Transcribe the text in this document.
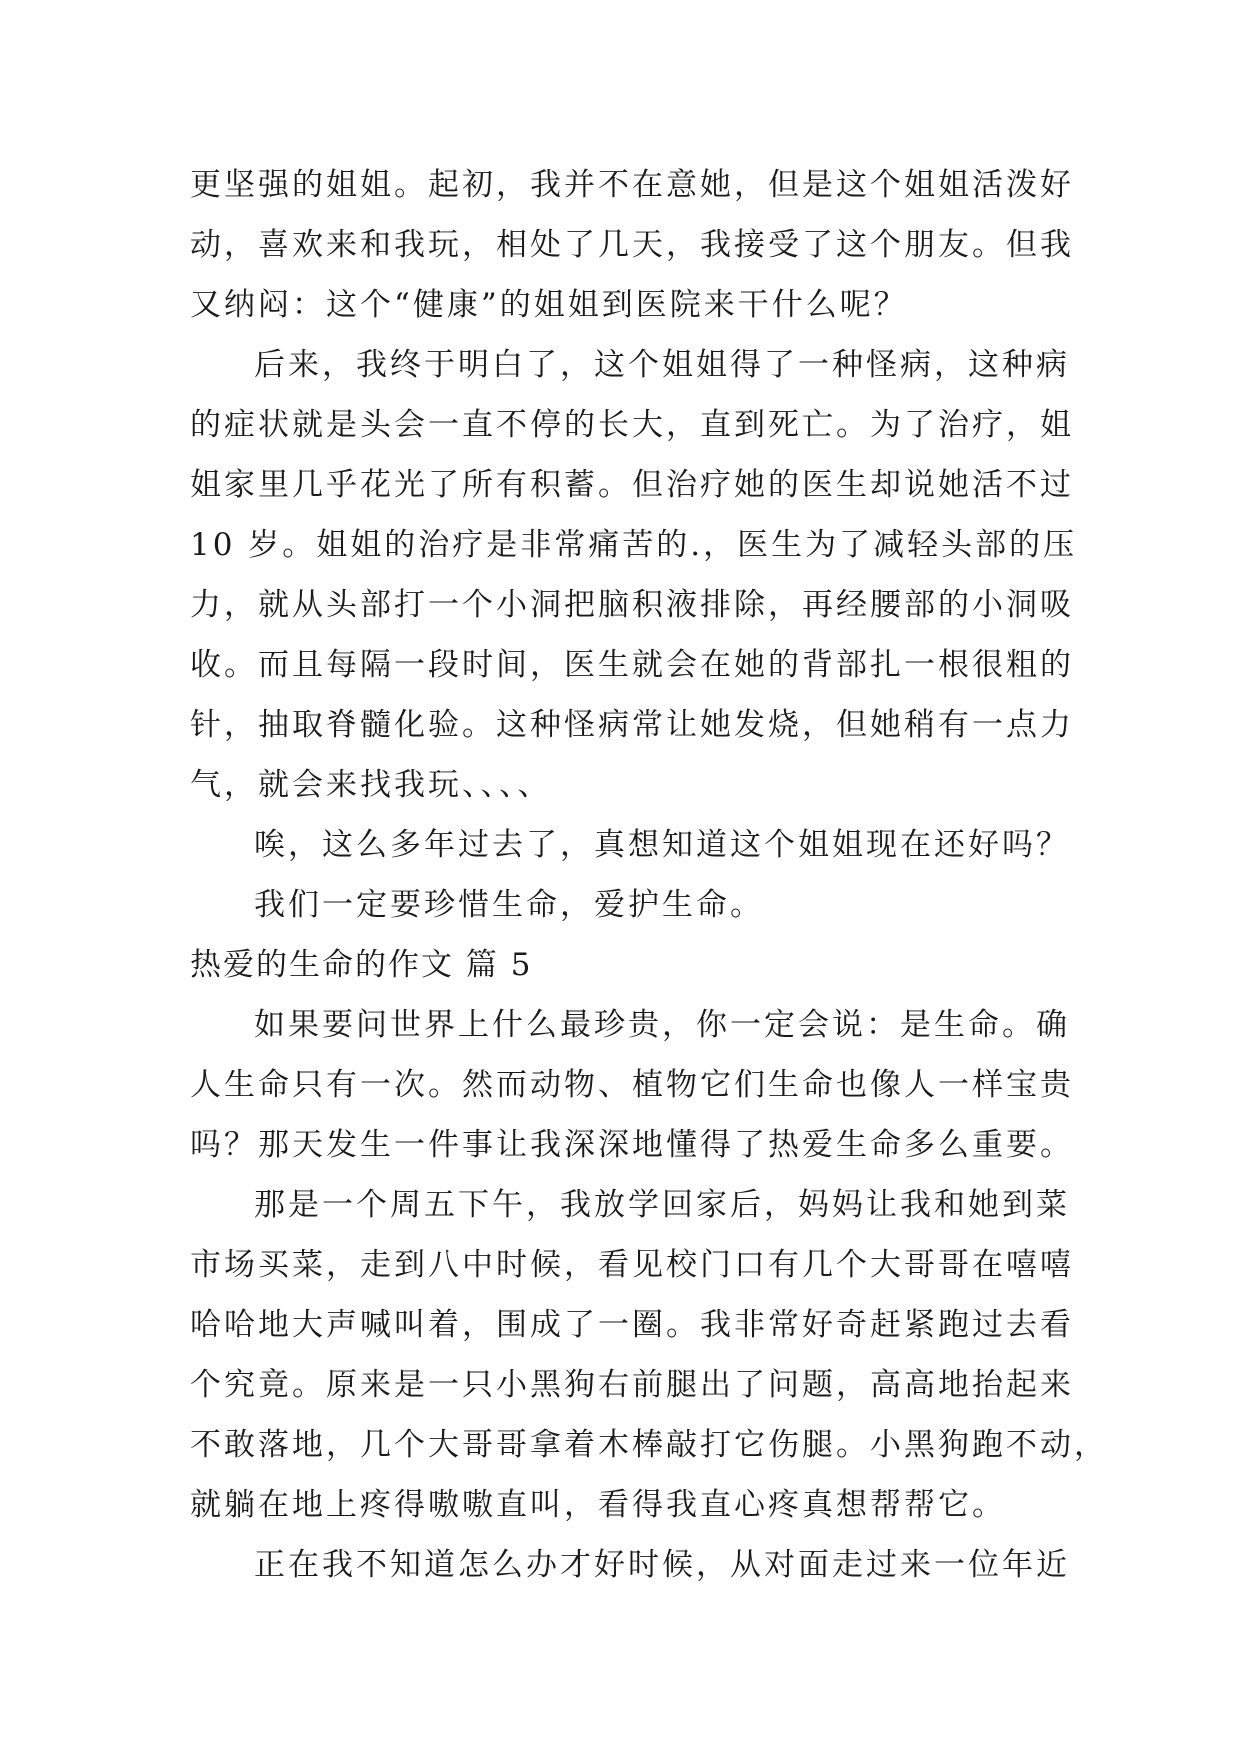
更坚强的姐姐。起初，我并不在意她，但是这个姐姐活泼好
动，喜欢来和我玩，相处了几天，我接受了这个朋友。但我
又纳闷：这个“健康”的姐姐到医院来干什么呢？
后来，我终于明白了，这个姐姐得了一种怪病，这种病
的症状就是头会一直不停的长大，直到死亡。为了治疗，姐
姐家里几乎花光了所有积蓄。但治疗她的医生却说她活不过
10 岁。姐姐的治疗是非常痛苦的.，医生为了减轻头部的压
力，就从头部打一个小洞把脑积液排除，再经腰部的小洞吸
收。而且每隔一段时间，医生就会在她的背部扎一根很粗的
针，抽取脊髓化验。这种怪病常让她发烧，但她稍有一点力
气，就会来找我玩、、、、
唉，这么多年过去了，真想知道这个姐姐现在还好吗？
我们一定要珍惜生命，爱护生命。
热爱的生命的作文 篇 5
如果要问世界上什么最珍贵，你一定会说：是生命。确
人生命只有一次。然而动物、植物它们生命也像人一样宝贵
吗？那天发生一件事让我深深地懂得了热爱生命多么重要。
那是一个周五下午，我放学回家后，妈妈让我和她到菜
市场买菜，走到八中时候，看见校门口有几个大哥哥在嘻嘻
哈哈地大声喊叫着，围成了一圈。我非常好奇赶紧跑过去看
个究竟。原来是一只小黑狗右前腿出了问题，高高地抬起来
不敢落地，几个大哥哥拿着木棒敲打它伤腿。小黑狗跑不动，
就躺在地上疼得嗷嗷直叫，看得我直心疼真想帮帮它。
正在我不知道怎么办才好时候，从对面走过来一位年近
